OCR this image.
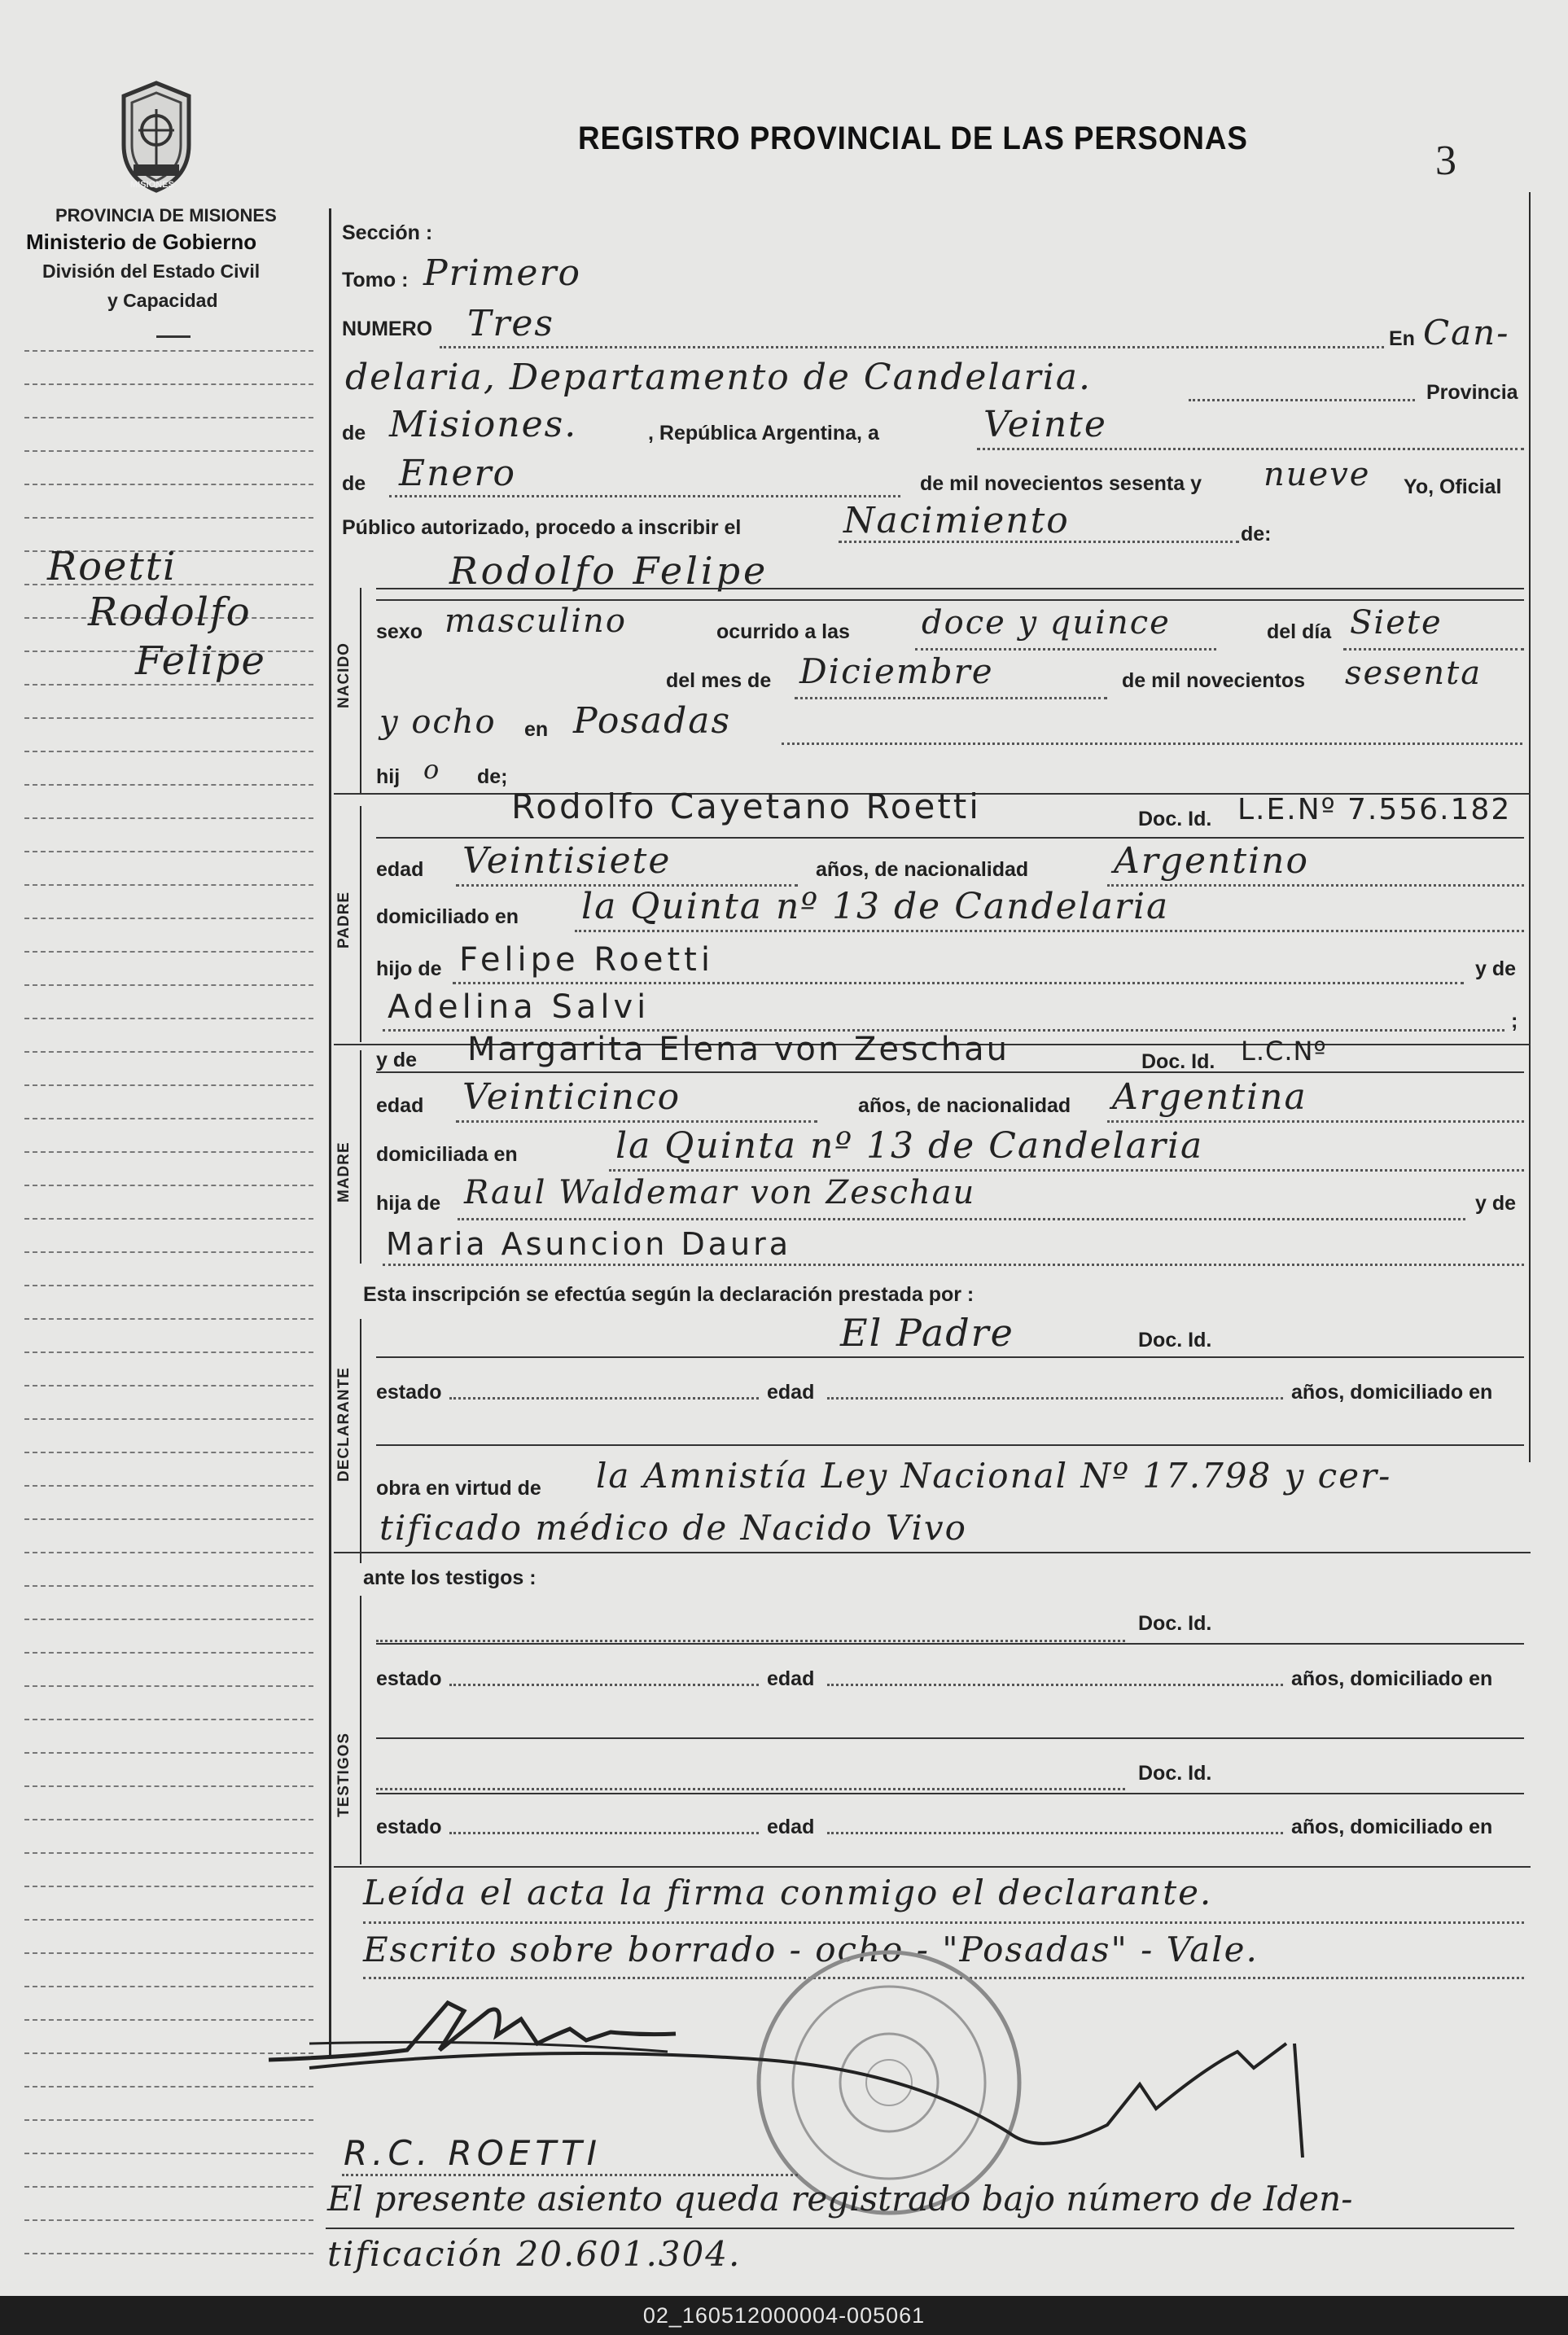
MISIONES
PROVINCIA DE MISIONES
Ministerio de Gobierno
División del Estado Civil
y Capacidad
REGISTRO PROVINCIAL DE LAS PERSONAS	3
Roetti
Rodolfo
Felipe
Sección :
Tomo : Primero
NUMERO Tres	En Can-
delaria, Departamento de Candelaria.	Provincia
de Misiones.	, República Argentina, a	Veinte
de Enero	de mil novecientos sesenta y nueve Yo, Oficial
Público autorizado, procedo a inscribir el	Nacimiento	de:
NACIDO
Rodolfo Felipe
sexo masculino	ocurrido a las doce y quince	del día Siete
del mes de Diciembre	de mil novecientos sesenta
y ocho en Posadas
hij o de;
PADRE
Rodolfo Cayetano Roetti	Doc. Id. L.E.Nº 7.556.182
edad Veintisiete	años, de nacionalidad Argentino
domiciliado en la Quinta nº 13 de Candelaria
hijo de Felipe Roetti	y de
Adelina Salvi	;
MADRE
y de Margarita Elena von Zeschau	Doc. Id. L.C.Nº
edad Veinticinco	años, de nacionalidad Argentina
domiciliada en	la Quinta nº 13 de Candelaria
hija de Raul Waldemar von Zeschau	y de
Maria Asuncion Daura
Esta inscripción se efectúa según la declaración prestada por :
DECLARANTE
El Padre	Doc. Id.
estado	edad	años, domiciliado en
obra en virtud de la Amnistía Ley Nacional Nº 17.798 y cer-
tificado médico de Nacido Vivo
ante los testigos :
TESTIGOS
Doc. Id.
estado	edad	años, domiciliado en
Doc. Id.
estado	edad	años, domiciliado en
Leída el acta la firma conmigo el declarante.
Escrito sobre borrado - ocho - "Posadas" - Vale.
R.C. ROETTI
El presente asiento queda registrado bajo número de Iden-
tificación 20.601.304.
02_160512000004-005061
